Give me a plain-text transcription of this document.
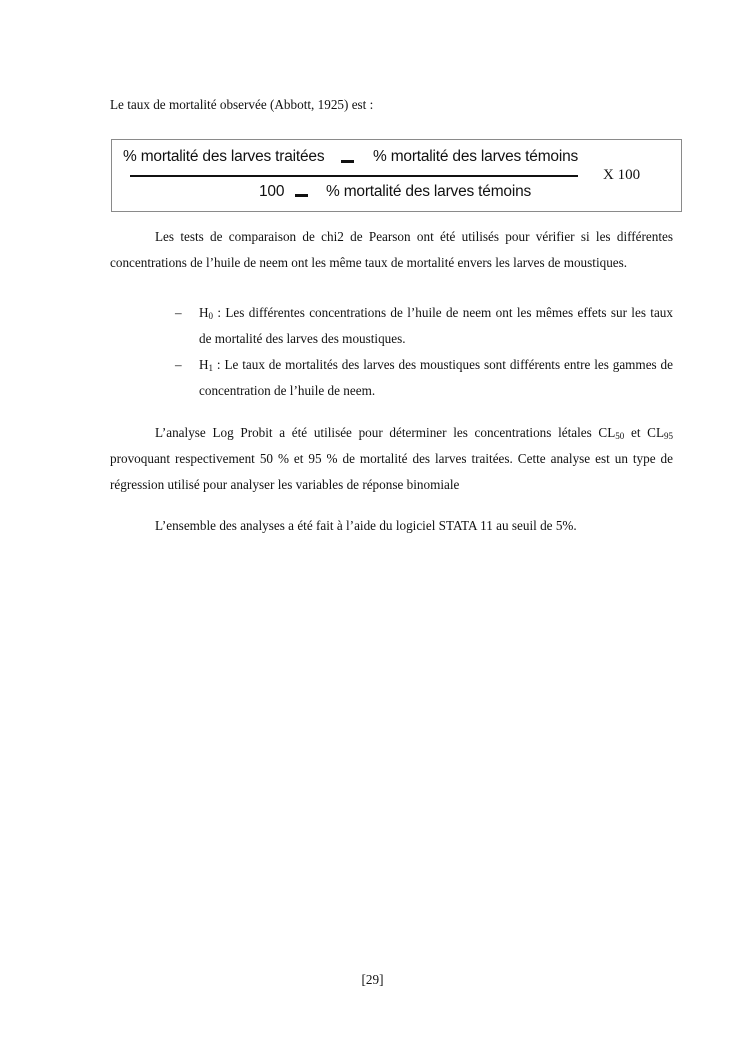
Le taux de mortalité observée (Abbott, 1925) est :
% mortalité des larves traitées	% mortalité des larves témoins
100	% mortalité des larves témoins
X 100

Les tests de comparaison de chi2 de Pearson ont été utilisés pour vérifier si les différentes concentrations de l’huile de neem ont les même taux de mortalité envers les larves de moustiques.

– $H_0$ : Les différentes concentrations de l’huile de neem ont les mêmes effets sur les taux de mortalité des larves des moustiques.
– $H_1$ : Le taux de mortalités des larves des moustiques sont différents entre les gammes de concentration de l’huile de neem.

L’analyse Log Probit a été utilisée pour déterminer les concentrations létales $CL_{50}$ et $CL_{95}$ provoquant respectivement 50 % et 95 % de mortalité des larves traitées. Cette analyse est un type de régression utilisé pour analyser les variables de réponse binomiale

L’ensemble des analyses a été fait à l’aide du logiciel STATA 11 au seuil de 5%.

[29]
